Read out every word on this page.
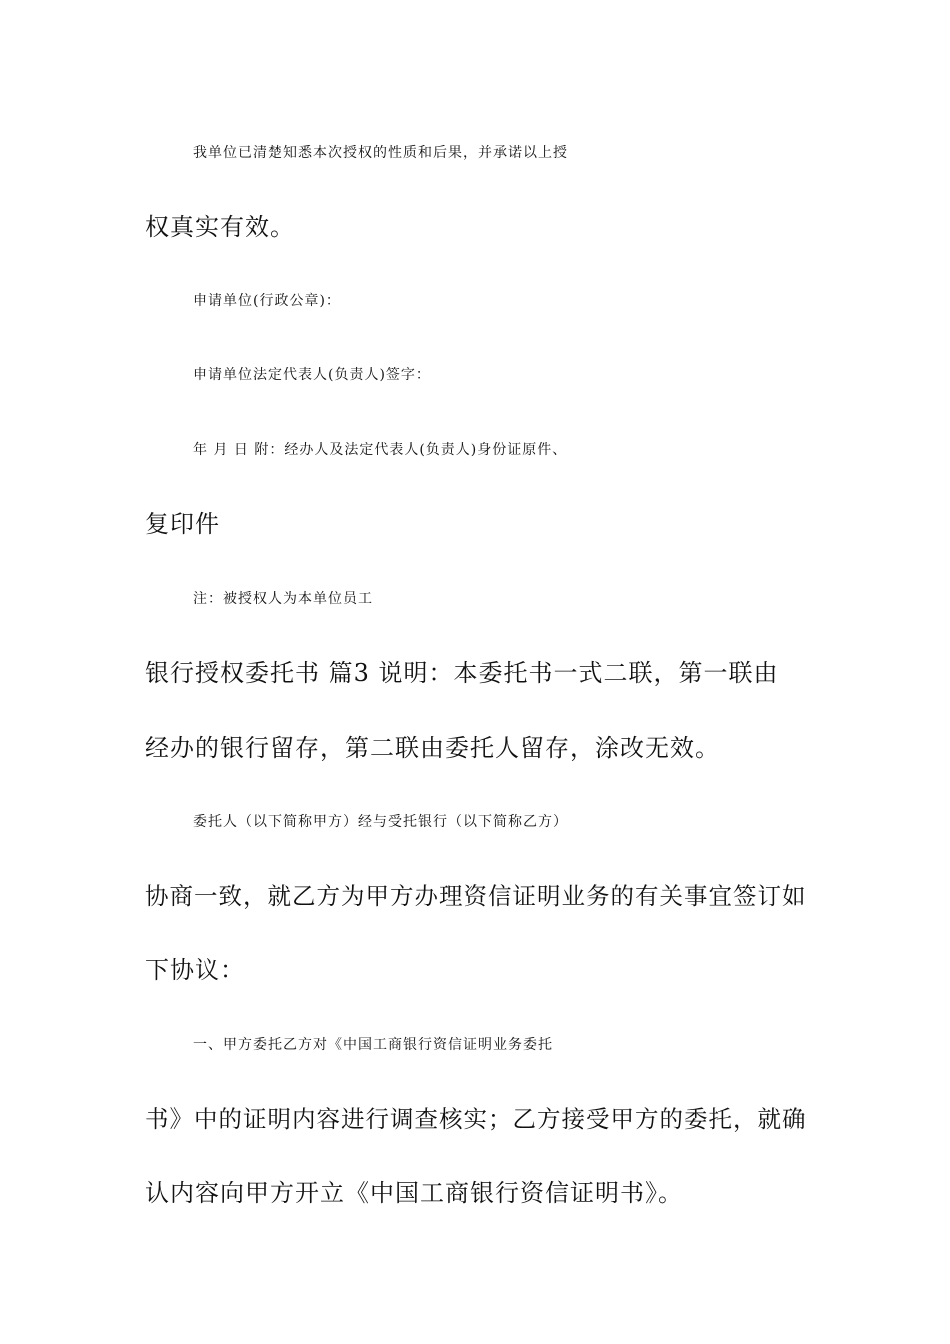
我单位已清楚知悉本次授权的性质和后果，并承诺以上授
权真实有效。
申请单位(行政公章)：
申请单位法定代表人(负责人)签字：
年 月 日 附：经办人及法定代表人(负责人)身份证原件、
复印件
注：被授权人为本单位员工
银行授权委托书 篇3 说明：本委托书一式二联，第一联由
经办的银行留存，第二联由委托人留存，涂改无效。
委托人（以下简称甲方）经与受托银行（以下简称乙方）
协商一致，就乙方为甲方办理资信证明业务的有关事宜签订如
下协议：
一、甲方委托乙方对《中国工商银行资信证明业务委托
书》中的证明内容进行调查核实；乙方接受甲方的委托，就确
认内容向甲方开立《中国工商银行资信证明书》。
